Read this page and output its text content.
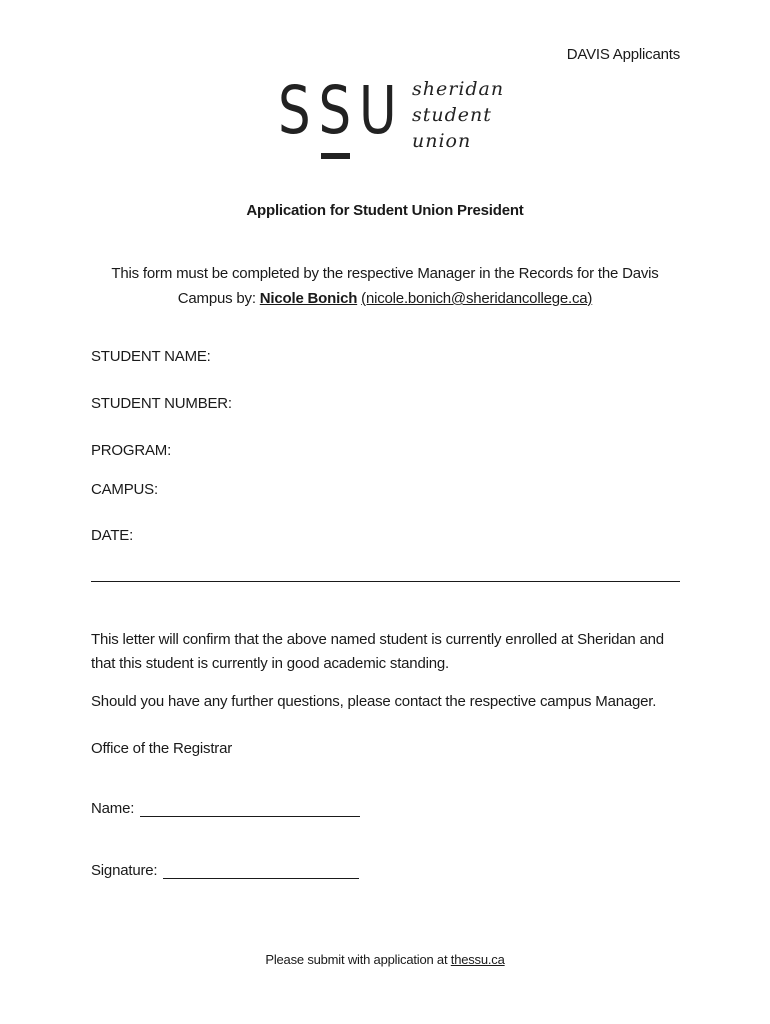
DAVIS Applicants
SSU sheridan
student
union
Application for Student Union President
This form must be completed by the respective Manager in the Records for the Davis Campus by: Nicole Bonich (nicole.bonich@sheridancollege.ca)
STUDENT NAME:
STUDENT NUMBER:
PROGRAM:
CAMPUS:
DATE:
This letter will confirm that the above named student is currently enrolled at Sheridan and that this student is currently in good academic standing.
Should you have any further questions, please contact the respective campus Manager.
Office of the Registrar
Name:
Signature:
Please submit with application at thessu.ca
